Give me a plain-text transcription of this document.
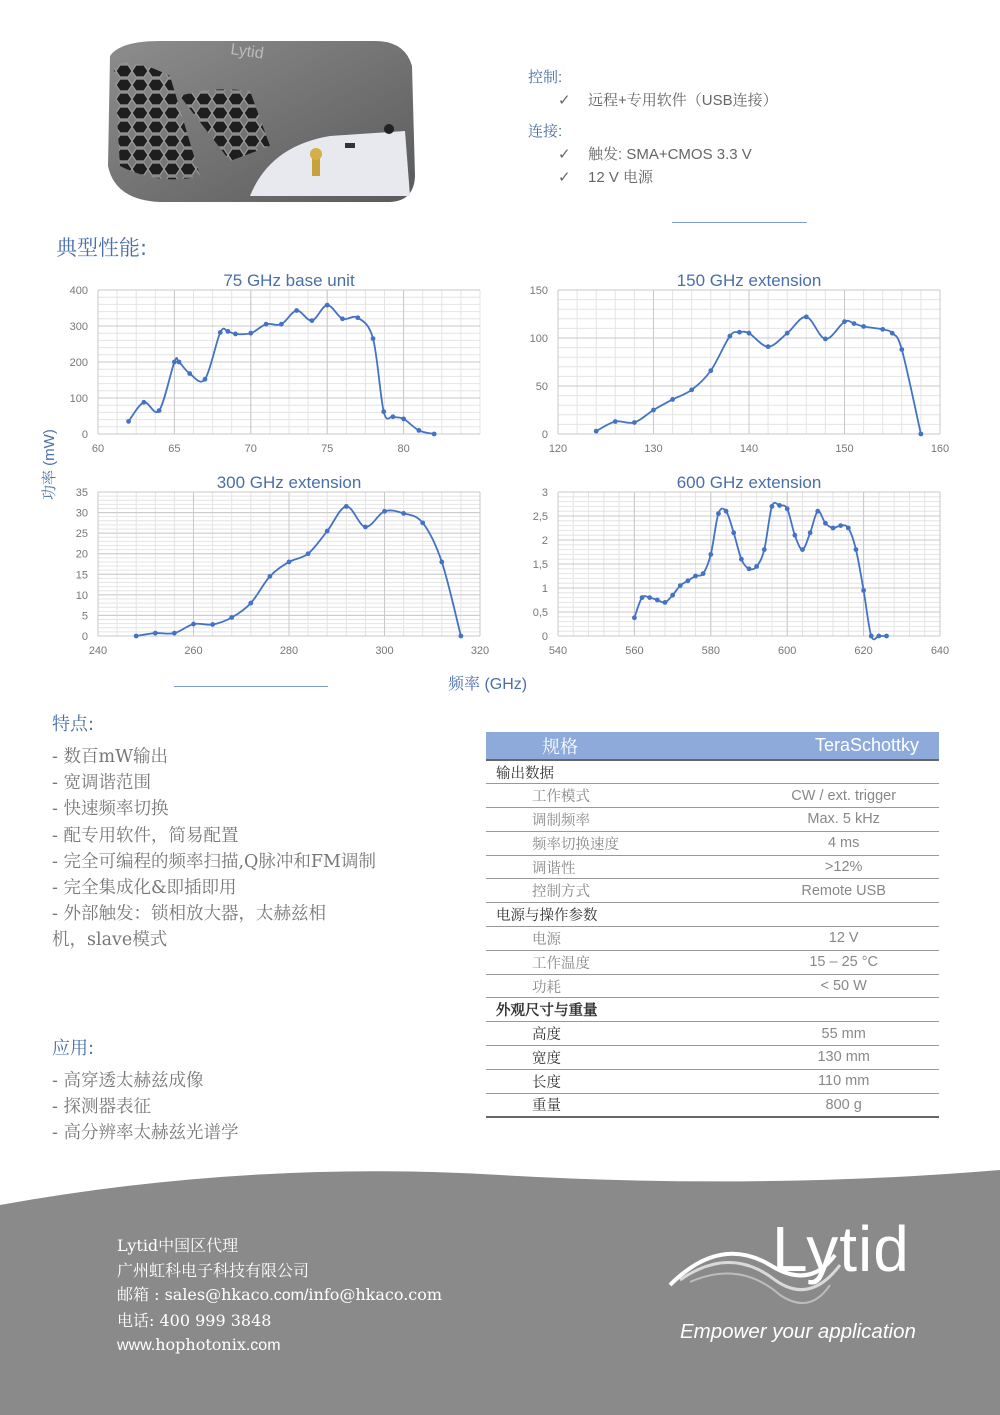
Lytid
控制:
✓	远程+专用软件（USB连接）
连接:
✓	触发: SMA+CMOS 3.3 V
✓	12 V 电源
典型性能:
60	65	70	75	80
0
100
200
300
400
75 GHz base unit
120	130	140	150	160
0
50
100
150
150 GHz extension
240	260	280	300	320
0
5
10
15
20
25
30
35
300 GHz extension
540	560	580	600	620	640
0
0,5
1
1,5
2
2,5
3
600 GHz extension
功率 (mW)
频率 (GHz)
特点:
- 数百mW输出
- 宽调谐范围
- 快速频率切换
- 配专用软件，简易配置
- 完全可编程的频率扫描,Q脉冲和FM调制
- 完全集成化&即插即用
- 外部触发：锁相放大器，太赫兹相
机，slave模式
应用:
- 高穿透太赫兹成像
- 探测器表征
- 高分辨率太赫兹光谱学
规格	TeraSchottky
输出数据	
工作模式	CW / ext. trigger
调制频率	Max. 5 kHz
频率切换速度	4 ms
调谐性	>12%
控制方式	Remote USB
电源与操作参数	
电源	12 V
工作温度	15 – 25 °C
功耗	< 50 W
外观尺寸与重量	
高度	55 mm
宽度	130 mm
长度	110 mm
重量	800 g
Lytid中国区代理
广州虹科电子科技有限公司
邮箱 : sales@hkaco.com/info@hkaco.com
电话: 400 999 3848
www.hophotonix.com
Lytid
Empower your application
